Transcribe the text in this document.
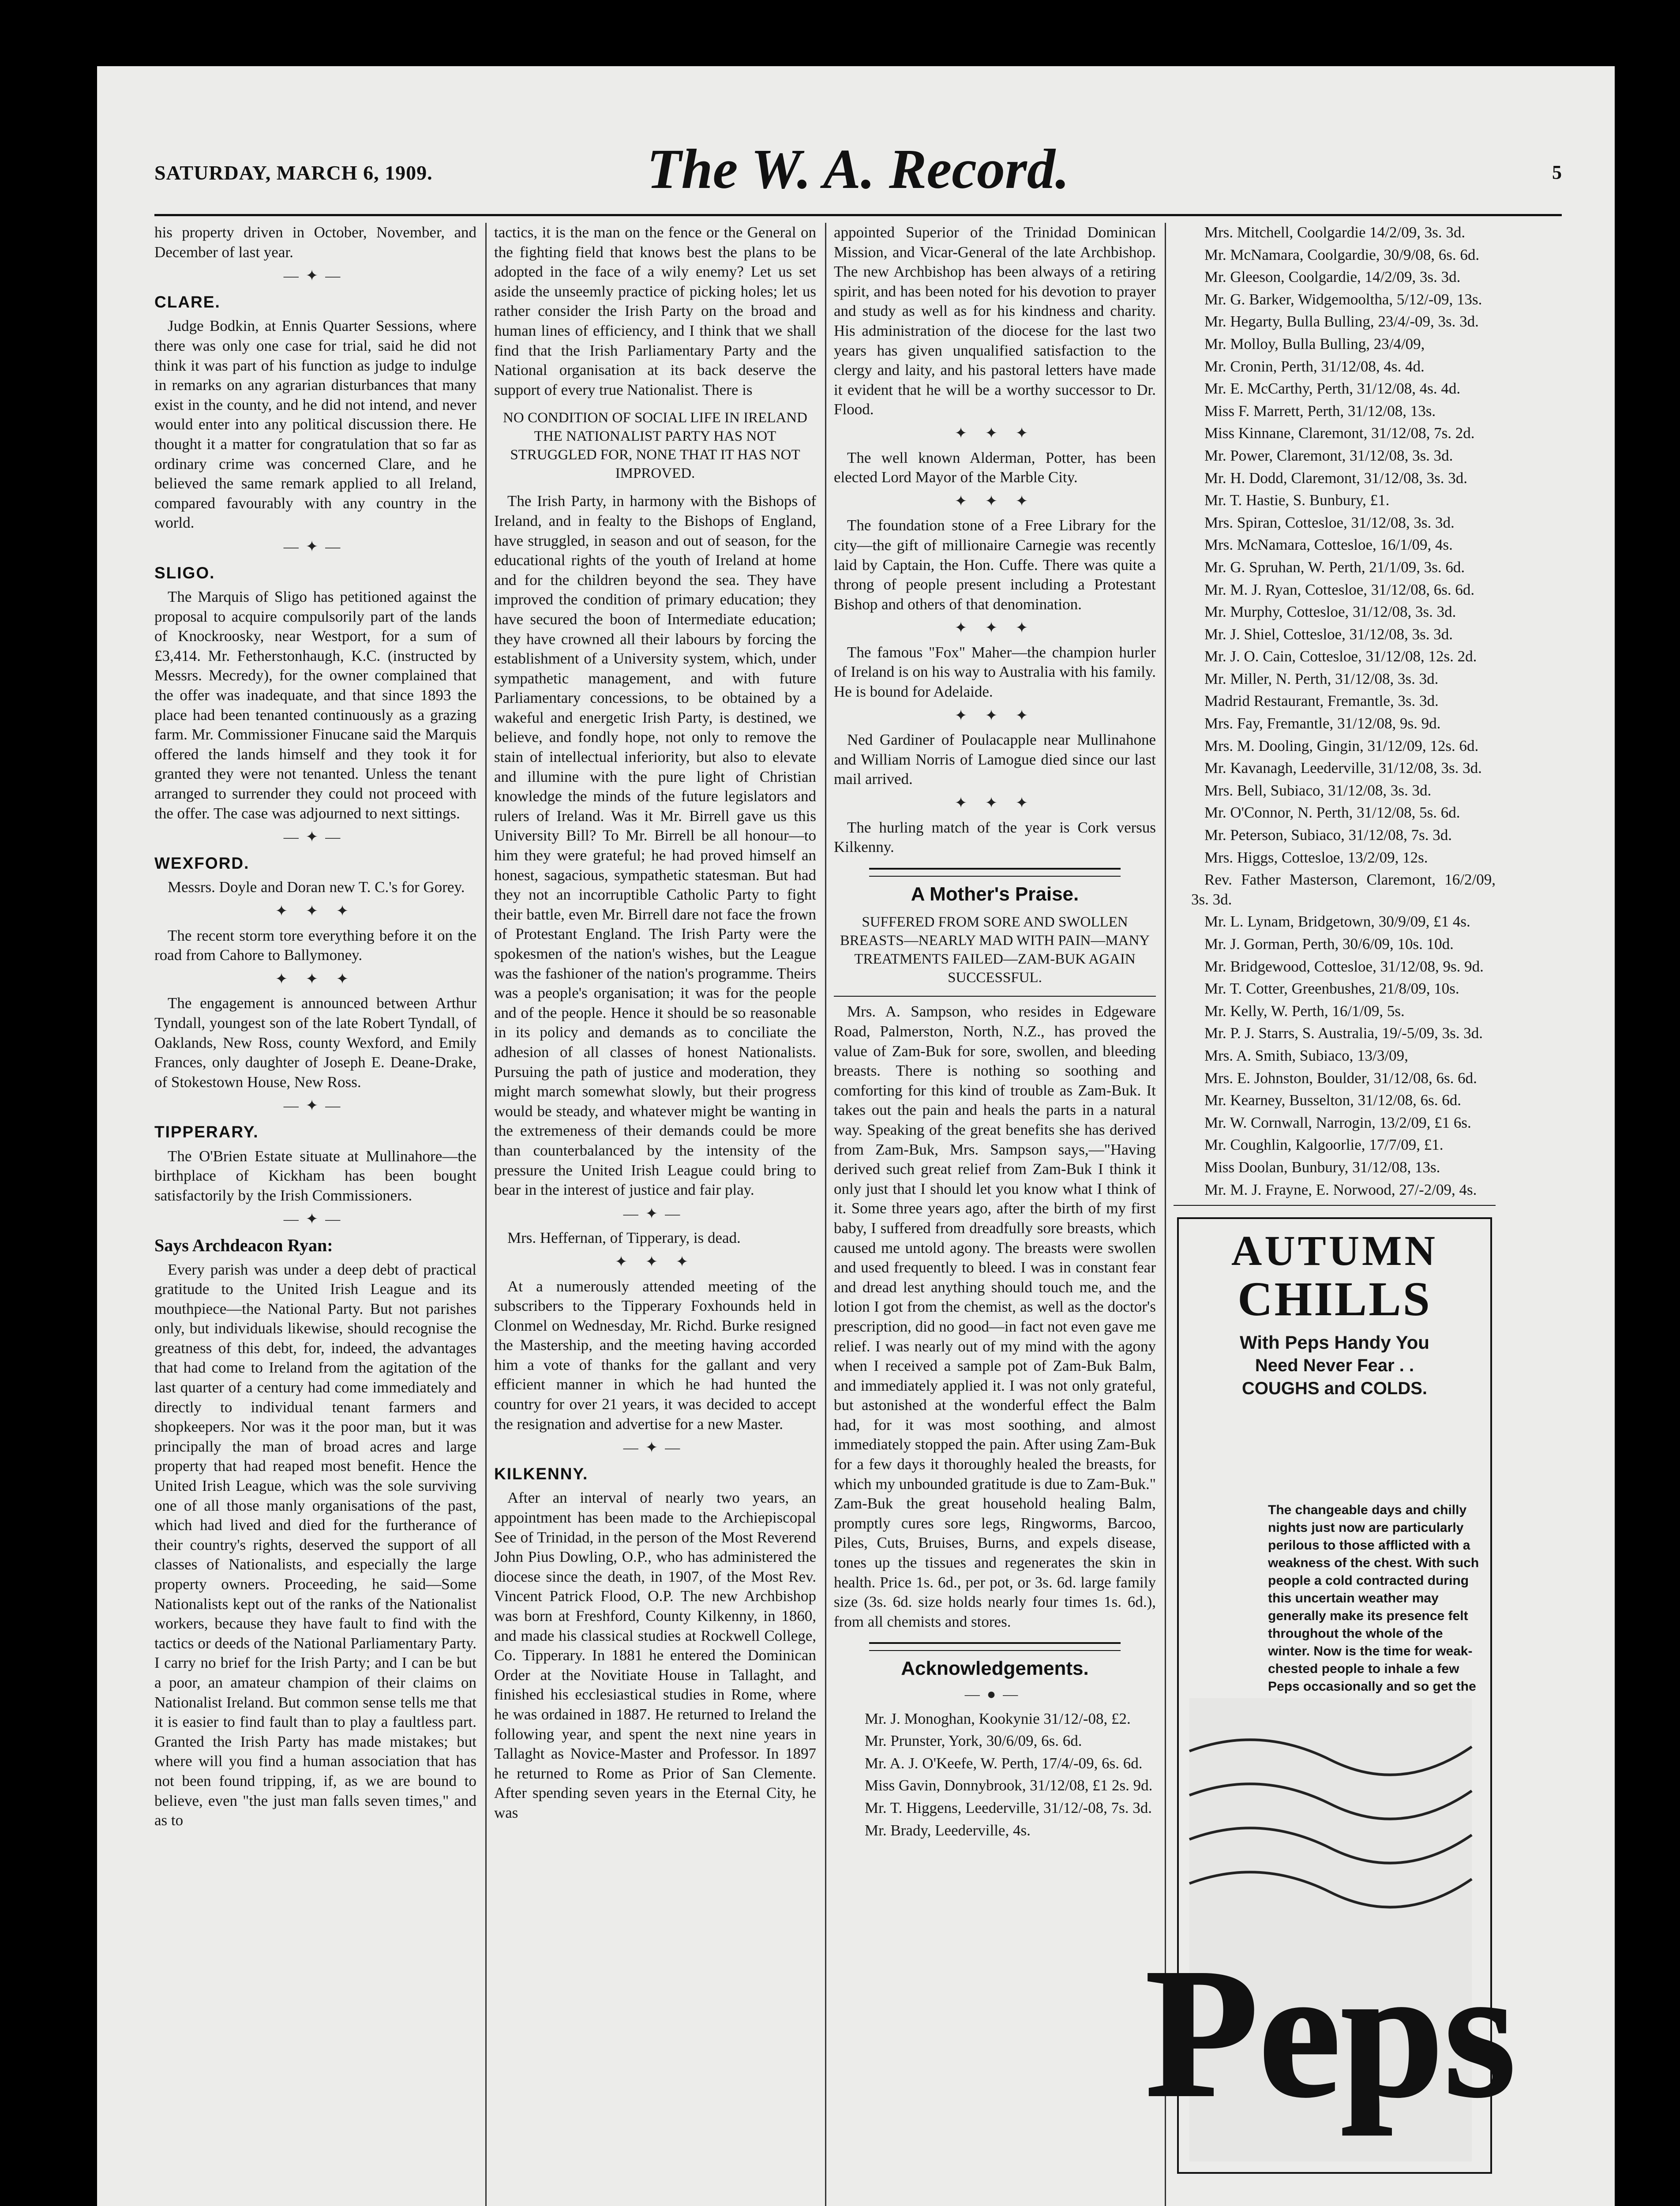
SATURDAY, MARCH 6, 1909.	The W. A. Record.	5

his property driven in October, November, and December of last year.

—✦—
CLARE.

Judge Bodkin, at Ennis Quarter Sessions, where there was only one case for trial, said he did not think it was part of his function as judge to indulge in remarks on any agrarian disturbances that many exist in the county, and he did not intend, and never would enter into any political discussion there. He thought it a matter for congratulation that so far as ordinary crime was concerned Clare, and he believed the same remark applied to all Ireland, compared favourably with any country in the world.

—✦—
SLIGO.

The Marquis of Sligo has petitioned against the proposal to acquire compulsorily part of the lands of Knockroosky, near Westport, for a sum of £3,414. Mr. Fetherstonhaugh, K.C. (instructed by Messrs. Mecredy), for the owner complained that the offer was inadequate, and that since 1893 the place had been tenanted continuously as a grazing farm. Mr. Commissioner Finucane said the Marquis offered the lands himself and they took it for granted they were not tenanted. Unless the tenant arranged to surrender they could not proceed with the offer. The case was adjourned to next sittings.

—✦—
WEXFORD.

Messrs. Doyle and Doran new T. C.'s for Gorey.

✦ ✦ ✦

The recent storm tore everything before it on the road from Cahore to Ballymoney.

✦ ✦ ✦

The engagement is announced between Arthur Tyndall, youngest son of the late Robert Tyndall, of Oaklands, New Ross, county Wexford, and Emily Frances, only daughter of Joseph E. Deane-Drake, of Stokestown House, New Ross.

—✦—
TIPPERARY.

The O'Brien Estate situate at Mullinahore—the birthplace of Kickham has been bought satisfactorily by the Irish Commissioners.

—✦—
Says Archdeacon Ryan:

Every parish was under a deep debt of practical gratitude to the United Irish League and its mouthpiece—the National Party. But not parishes only, but individuals likewise, should recognise the greatness of this debt, for, indeed, the advantages that had come to Ireland from the agitation of the last quarter of a century had come immediately and directly to individual tenant farmers and shopkeepers. Nor was it the poor man, but it was principally the man of broad acres and large property that had reaped most benefit. Hence the United Irish League, which was the sole surviving one of all those manly organisations of the past, which had lived and died for the furtherance of their country's rights, deserved the support of all classes of Nationalists, and especially the large property owners. Proceeding, he said—Some Nationalists kept out of the ranks of the Nationalist workers, because they have fault to find with the tactics or deeds of the National Parliamentary Party. I carry no brief for the Irish Party; and I can be but a poor, an amateur champion of their claims on Nationalist Ireland. But common sense tells me that it is easier to find fault than to play a faultless part. Granted the Irish Party has made mistakes; but where will you find a human association that has not been found tripping, if, as we are bound to believe, even "the just man falls seven times," and as to

tactics, it is the man on the fence or the General on the fighting field that knows best the plans to be adopted in the face of a wily enemy? Let us set aside the unseemly practice of picking holes; let us rather consider the Irish Party on the broad and human lines of efficiency, and I think that we shall find that the Irish Parliamentary Party and the National organisation at its back deserve the support of every true Nationalist. There is

NO CONDITION OF SOCIAL LIFE IN IRELAND THE NATIONALIST PARTY HAS NOT STRUGGLED FOR, NONE THAT IT HAS NOT IMPROVED.

The Irish Party, in harmony with the Bishops of Ireland, and in fealty to the Bishops of England, have struggled, in season and out of season, for the educational rights of the youth of Ireland at home and for the children beyond the sea. They have improved the condition of primary education; they have secured the boon of Intermediate education; they have crowned all their labours by forcing the establishment of a University system, which, under sympathetic management, and with future Parliamentary concessions, to be obtained by a wakeful and energetic Irish Party, is destined, we believe, and fondly hope, not only to remove the stain of intellectual inferiority, but also to elevate and illumine with the pure light of Christian knowledge the minds of the future legislators and rulers of Ireland. Was it Mr. Birrell gave us this University Bill? To Mr. Birrell be all honour—to him they were grateful; he had proved himself an honest, sagacious, sympathetic statesman. But had they not an incorruptible Catholic Party to fight their battle, even Mr. Birrell dare not face the frown of Protestant England. The Irish Party were the spokesmen of the nation's wishes, but the League was the fashioner of the nation's programme. Theirs was a people's organisation; it was for the people and of the people. Hence it should be so reasonable in its policy and demands as to conciliate the adhesion of all classes of honest Nationalists. Pursuing the path of justice and moderation, they might march somewhat slowly, but their progress would be steady, and whatever might be wanting in the extremeness of their demands could be more than counterbalanced by the intensity of the pressure the United Irish League could bring to bear in the interest of justice and fair play.

—✦—

Mrs. Heffernan, of Tipperary, is dead.

✦ ✦ ✦

At a numerously attended meeting of the subscribers to the Tipperary Foxhounds held in Clonmel on Wednesday, Mr. Richd. Burke resigned the Mastership, and the meeting having accorded him a vote of thanks for the gallant and very efficient manner in which he had hunted the country for over 21 years, it was decided to accept the resignation and advertise for a new Master.

—✦—
KILKENNY.

After an interval of nearly two years, an appointment has been made to the Archiepiscopal See of Trinidad, in the person of the Most Reverend John Pius Dowling, O.P., who has administered the diocese since the death, in 1907, of the Most Rev. Vincent Patrick Flood, O.P. The new Archbishop was born at Freshford, County Kilkenny, in 1860, and made his classical studies at Rockwell College, Co. Tipperary. In 1881 he entered the Dominican Order at the Novitiate House in Tallaght, and finished his ecclesiastical studies in Rome, where he was ordained in 1887. He returned to Ireland the following year, and spent the next nine years in Tallaght as Novice-Master and Professor. In 1897 he returned to Rome as Prior of San Clemente. After spending seven years in the Eternal City, he was

appointed Superior of the Trinidad Dominican Mission, and Vicar-General of the late Archbishop. The new Archbishop has been always of a retiring spirit, and has been noted for his devotion to prayer and study as well as for his kindness and charity. His administration of the diocese for the last two years has given unqualified satisfaction to the clergy and laity, and his pastoral letters have made it evident that he will be a worthy successor to Dr. Flood.

✦ ✦ ✦

The well known Alderman, Potter, has been elected Lord Mayor of the Marble City.

✦ ✦ ✦

The foundation stone of a Free Library for the city—the gift of millionaire Carnegie was recently laid by Captain, the Hon. Cuffe. There was quite a throng of people present including a Protestant Bishop and others of that denomination.

✦ ✦ ✦

The famous "Fox" Maher—the champion hurler of Ireland is on his way to Australia with his family. He is bound for Adelaide.

✦ ✦ ✦

Ned Gardiner of Poulacapple near Mullinahone and William Norris of Lamogue died since our last mail arrived.

✦ ✦ ✦

The hurling match of the year is Cork versus Kilkenny.

A Mother's Praise.
SUFFERED FROM SORE AND SWOLLEN BREASTS—NEARLY MAD WITH PAIN—MANY TREATMENTS FAILED—ZAM-BUK AGAIN SUCCESSFUL.

Mrs. A. Sampson, who resides in Edgeware Road, Palmerston, North, N.Z., has proved the value of Zam-Buk for sore, swollen, and bleeding breasts. There is nothing so soothing and comforting for this kind of trouble as Zam-Buk. It takes out the pain and heals the parts in a natural way. Speaking of the great benefits she has derived from Zam-Buk, Mrs. Sampson says,—"Having derived such great relief from Zam-Buk I think it only just that I should let you know what I think of it. Some three years ago, after the birth of my first baby, I suffered from dreadfully sore breasts, which caused me untold agony. The breasts were swollen and used frequently to bleed. I was in constant fear and dread lest anything should touch me, and the lotion I got from the chemist, as well as the doctor's prescription, did no good—in fact not even gave me relief. I was nearly out of my mind with the agony when I received a sample pot of Zam-Buk Balm, and immediately applied it. I was not only grateful, but astonished at the wonderful effect the Balm had, for it was most soothing, and almost immediately stopped the pain. After using Zam-Buk for a few days it thoroughly healed the breasts, for which my unbounded gratitude is due to Zam-Buk." Zam-Buk the great household healing Balm, promptly cures sore legs, Ringworms, Barcoo, Piles, Cuts, Bruises, Burns, and expels disease, tones up the tissues and regenerates the skin in health. Price 1s. 6d., per pot, or 3s. 6d. large family size (3s. 6d. size holds nearly four times 1s. 6d.), from all chemists and stores.

Acknowledgements.
—●—

Mr. J. Monoghan, Kookynie 31/12/-08, £2.

Mr. Prunster, York, 30/6/09, 6s. 6d.

Mr. A. J. O'Keefe, W. Perth, 17/4/-09, 6s. 6d.

Miss Gavin, Donnybrook, 31/12/08, £1 2s. 9d.

Mr. T. Higgens, Leederville, 31/12/-08, 7s. 3d.

Mr. Brady, Leederville, 4s.

Mrs. Mitchell, Coolgardie 14/2/09, 3s. 3d.

Mr. McNamara, Coolgardie, 30/9/08, 6s. 6d.

Mr. Gleeson, Coolgardie, 14/2/09, 3s. 3d.

Mr. G. Barker, Widgemooltha, 5/12/-09, 13s.

Mr. Hegarty, Bulla Bulling, 23/4/-09, 3s. 3d.

Mr. Molloy, Bulla Bulling, 23/4/09,

Mr. Cronin, Perth, 31/12/08, 4s. 4d.

Mr. E. McCarthy, Perth, 31/12/08, 4s. 4d.

Miss F. Marrett, Perth, 31/12/08, 13s.

Miss Kinnane, Claremont, 31/12/08, 7s. 2d.

Mr. Power, Claremont, 31/12/08, 3s. 3d.

Mr. H. Dodd, Claremont, 31/12/08, 3s. 3d.

Mr. T. Hastie, S. Bunbury, £1.

Mrs. Spiran, Cottesloe, 31/12/08, 3s. 3d.

Mrs. McNamara, Cottesloe, 16/1/09, 4s.

Mr. G. Spruhan, W. Perth, 21/1/09, 3s. 6d.

Mr. M. J. Ryan, Cottesloe, 31/12/08, 6s. 6d.

Mr. Murphy, Cottesloe, 31/12/08, 3s. 3d.

Mr. J. Shiel, Cottesloe, 31/12/08, 3s. 3d.

Mr. J. O. Cain, Cottesloe, 31/12/08, 12s. 2d.

Mr. Miller, N. Perth, 31/12/08, 3s. 3d.

Madrid Restaurant, Fremantle, 3s. 3d.

Mrs. Fay, Fremantle, 31/12/08, 9s. 9d.

Mrs. M. Dooling, Gingin, 31/12/09, 12s. 6d.

Mr. Kavanagh, Leederville, 31/12/08, 3s. 3d.

Mrs. Bell, Subiaco, 31/12/08, 3s. 3d.

Mr. O'Connor, N. Perth, 31/12/08, 5s. 6d.

Mr. Peterson, Subiaco, 31/12/08, 7s. 3d.

Mrs. Higgs, Cottesloe, 13/2/09, 12s.

Rev. Father Masterson, Claremont, 16/2/09, 3s. 3d.

Mr. L. Lynam, Bridgetown, 30/9/09, £1 4s.

Mr. J. Gorman, Perth, 30/6/09, 10s. 10d.

Mr. Bridgewood, Cottesloe, 31/12/08, 9s. 9d.

Mr. T. Cotter, Greenbushes, 21/8/09, 10s.

Mr. Kelly, W. Perth, 16/1/09, 5s.

Mr. P. J. Starrs, S. Australia, 19/-5/09, 3s. 3d.

Mrs. A. Smith, Subiaco, 13/3/09,

Mrs. E. Johnston, Boulder, 31/12/08, 6s. 6d.

Mr. Kearney, Busselton, 31/12/08, 6s. 6d.

Mr. W. Cornwall, Narrogin, 13/2/09, £1 6s.

Mr. Coughlin, Kalgoorlie, 17/7/09, £1.

Miss Doolan, Bunbury, 31/12/08, 13s.

Mr. M. J. Frayne, E. Norwood, 27/-2/09, 4s.

AUTUMN
CHILLS
With Peps Handy You
Need Never Fear . .
COUGHS and COLDS.
The changeable days and chilly nights just now are particularly perilous to those afflicted with a weakness of the chest. With such people a cold contracted during this uncertain weather may generally make its presence felt throughout the whole of the winter. Now is the time for weak-chested people to inhale a few Peps occasionally and so get the
Peps
